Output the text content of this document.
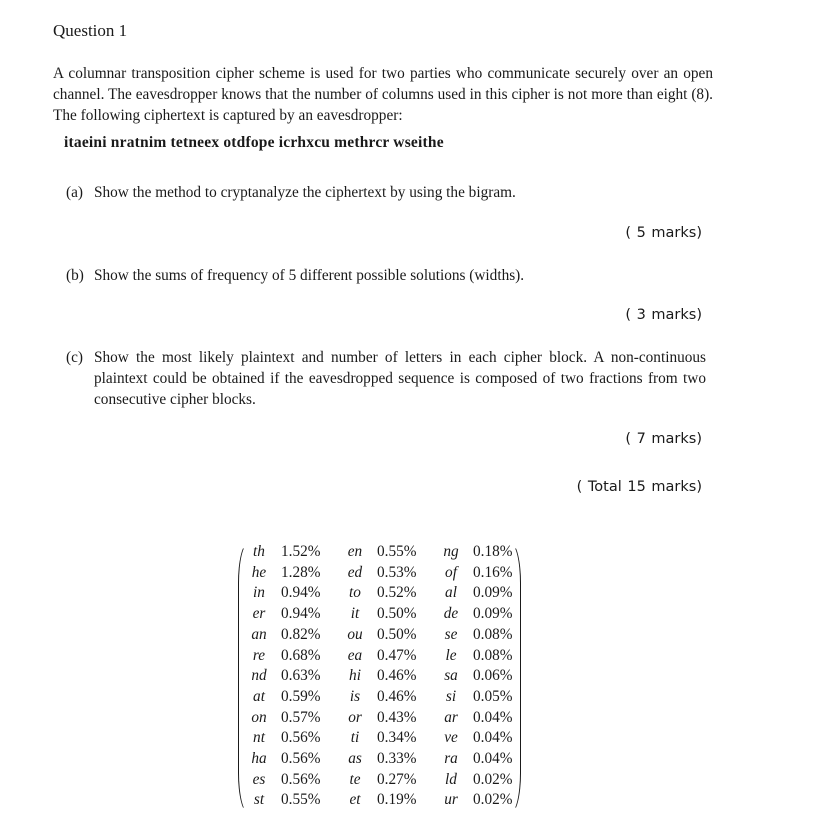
Question 1
A columnar transposition cipher scheme is used for two parties who communicate securely over an open channel. The eavesdropper knows that the number of columns used in this cipher is not more than eight (8). The following ciphertext is captured by an eavesdropper:
itaeini nratnim tetneex otdfope icrhxcu methrcr wseithe
(a) Show the method to cryptanalyze the ciphertext by using the bigram.
( 5 marks)
(b) Show the sums of frequency of 5 different possible solutions (widths).
( 3 marks)
(c) Show the most likely plaintext and number of letters in each cipher block. A non-continuous plaintext could be obtained if the eavesdropped sequence is composed of two fractions from two consecutive cipher blocks.
( 7 marks)
( Total 15 marks)
th	1.52%	en	0.55%	ng	0.18%
he	1.28%	ed	0.53%	of	0.16%
in	0.94%	to	0.52%	al	0.09%
er	0.94%	it	0.50%	de	0.09%
an	0.82%	ou	0.50%	se	0.08%
re	0.68%	ea	0.47%	le	0.08%
nd	0.63%	hi	0.46%	sa	0.06%
at	0.59%	is	0.46%	si	0.05%
on	0.57%	or	0.43%	ar	0.04%
nt	0.56%	ti	0.34%	ve	0.04%
ha	0.56%	as	0.33%	ra	0.04%
es	0.56%	te	0.27%	ld	0.02%
st	0.55%	et	0.19%	ur	0.02%
